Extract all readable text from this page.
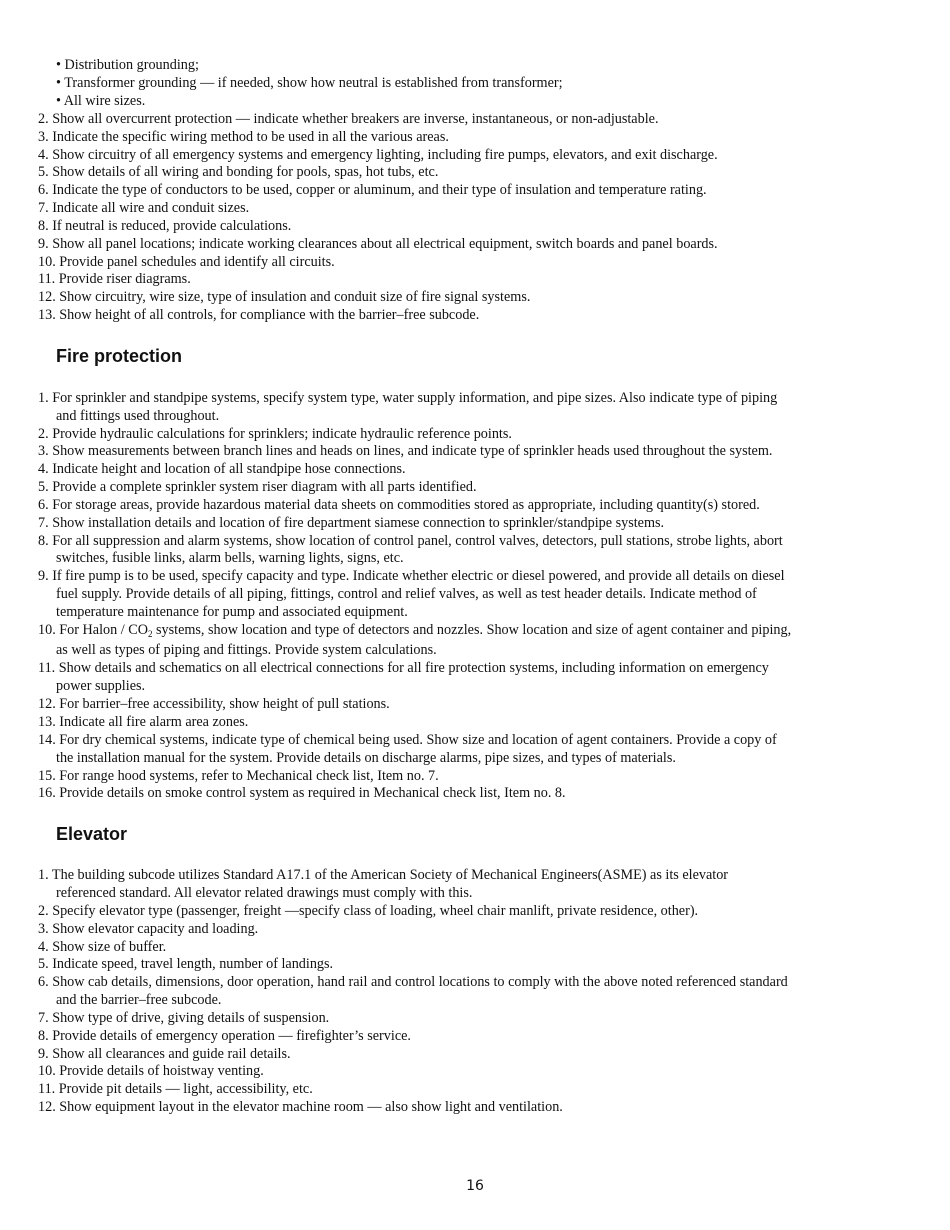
• Distribution grounding;
• Transformer grounding — if needed, show how neutral is established from transformer;
• All wire sizes.
2. Show all overcurrent protection — indicate whether breakers are inverse, instantaneous, or non-adjustable.
3. Indicate the specific wiring method to be used in all the various areas.
4. Show circuitry of all emergency systems and emergency lighting, including fire pumps, elevators, and exit discharge.
5. Show details of all wiring and bonding for pools, spas, hot tubs, etc.
6. Indicate the type of conductors to be used, copper or aluminum, and their type of insulation and temperature rating.
7. Indicate all wire and conduit sizes.
8. If neutral is reduced, provide calculations.
9. Show all panel locations; indicate working clearances about all electrical equipment, switch boards and panel boards.
10. Provide panel schedules and identify all circuits.
11. Provide riser diagrams.
12. Show circuitry, wire size, type of insulation and conduit size of fire signal systems.
13. Show height of all controls, for compliance with the barrier–free subcode.
Fire protection
1. For sprinkler and standpipe systems, specify system type, water supply information, and pipe sizes. Also indicate type of piping
and fittings used throughout.
2. Provide hydraulic calculations for sprinklers; indicate hydraulic reference points.
3. Show measurements between branch lines and heads on lines, and indicate type of sprinkler heads used throughout the system.
4. Indicate height and location of all standpipe hose connections.
5. Provide a complete sprinkler system riser diagram with all parts identified.
6. For storage areas, provide hazardous material data sheets on commodities stored as appropriate, including quantity(s) stored.
7. Show installation details and location of fire department siamese connection to sprinkler/standpipe systems.
8. For all suppression and alarm systems, show location of control panel, control valves, detectors, pull stations, strobe lights, abort
switches, fusible links, alarm bells, warning lights, signs, etc.
9. If fire pump is to be used, specify capacity and type. Indicate whether electric or diesel powered, and provide all details on diesel
fuel supply. Provide details of all piping, fittings, control and relief valves, as well as test header details. Indicate method of
temperature maintenance for pump and associated equipment.
10. For Halon / $CO_2$ systems, show location and type of detectors and nozzles. Show location and size of agent container and piping,
as well as types of piping and fittings. Provide system calculations.
11. Show details and schematics on all electrical connections for all fire protection systems, including information on emergency
power supplies.
12. For barrier–free accessibility, show height of pull stations.
13. Indicate all fire alarm area zones.
14. For dry chemical systems, indicate type of chemical being used. Show size and location of agent containers. Provide a copy of
the installation manual for the system. Provide details on discharge alarms, pipe sizes, and types of materials.
15. For range hood systems, refer to Mechanical check list, Item no. 7.
16. Provide details on smoke control system as required in Mechanical check list, Item no. 8.
Elevator
1. The building subcode utilizes Standard A17.1 of the American Society of Mechanical Engineers(ASME) as its elevator
referenced standard. All elevator related drawings must comply with this.
2. Specify elevator type (passenger, freight —specify class of loading, wheel chair manlift, private residence, other).
3. Show elevator capacity and loading.
4. Show size of buffer.
5. Indicate speed, travel length, number of landings.
6. Show cab details, dimensions, door operation, hand rail and control locations to comply with the above noted referenced standard
and the barrier–free subcode.
7. Show type of drive, giving details of suspension.
8. Provide details of emergency operation — firefighter’s service.
9. Show all clearances and guide rail details.
10. Provide details of hoistway venting.
11. Provide pit details — light, accessibility, etc.
12. Show equipment layout in the elevator machine room — also show light and ventilation.
16
